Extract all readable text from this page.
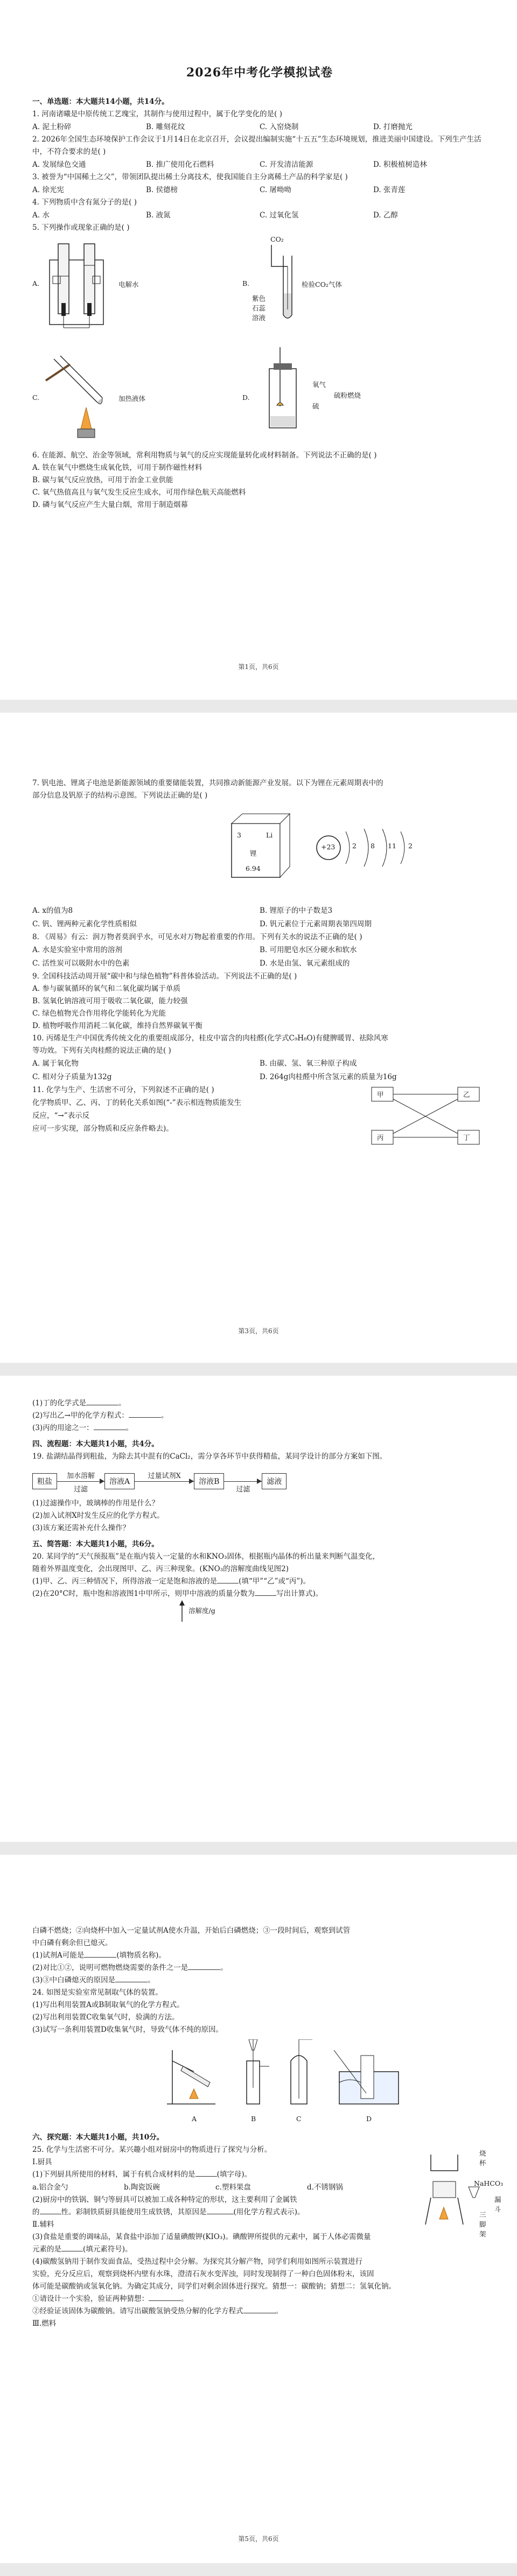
2026年中考化学模拟试卷
一、单选题：本大题共14小题，共14分。

1. 河南诸曦是中原传统工艺瑰宝，其制作与使用过程中，属于化学变化的是( )

A. 泥土粉碎	B. 雕刻花纹	C. 入窑烧制	D. 打磨抛光

2. 2026年全国生态环境保护工作会议于1月14日在北京召开，会议提出编制实施“十五五”生态环境规划，推进美丽中国建设。下列生产生活中，不符合要求的是( )

A. 发展绿色交通	B. 推广使用化石燃料	C. 开发清洁能源	D. 积极植树造林

3. 被誉为“中国稀土之父”，带领团队提出稀土分离技术，使我国能自主分离稀土产品的科学家是( )

A. 徐光宪	B. 侯德榜	C. 屠呦呦	D. 张青莲

4. 下列物质中含有氮分子的是( )

A. 水	B. 液氮	C. 过氧化氢	D. 乙醇

5. 下列操作或现象正确的是( )

A.	电解水	B.
CO₂
紫色
石蕊
溶液
检验CO₂气体
C.	加热液体	D.
氧气
硫
硫粉燃烧

6. 在能源、航空、治金等领域，常利用物质与氧气的反应实现能量转化或材料制备。下列说法不正确的是( )

A. 铁在氧气中燃烧生成氧化铁，可用于制作磁性材料

B. 碳与氧气反应放热，可用于治金工业供能

C. 氧气热值高且与氧气发生反应生成水，可用作绿色航天高能燃料

D. 磷与氧气反应产生大量白烟，常用于制造烟幕

第1页，共6页

7. 钒电池、锂离子电池是新能源领域的重要储能装置，共同推动新能源产业发展。以下为锂在元素周期表中的

部分信息及钒原子的结构示意图。下列说法正确的是( )

3	Li
锂
6.94
+23	2 8 11 2
A. x的值为8	B. 锂原子的中子数是3
C. 钒、锂两种元素化学性质相似	D. 钒元素位于元素周期表第四周期

8. 《周易》有云：润万物者莫润乎水，可见水对万物起着重要的作用。下列有关水的说法不正确的是( )

A. 水是实验室中常用的溶剂	B. 可用肥皂水区分硬水和软水
C. 活性炭可以吸附水中的色素	D. 水是由氢、氧元素组成的

9. 全国科技活动周开展“碳中和与绿色植物”科普体验活动。下列说法不正确的是( )

A. 参与碳氧循环的氧气和二氧化碳均属于单质

B. 氢氧化钠溶液可用于吸收二氧化碳，能力较强

C. 绿色植物光合作用将化学能转化为光能

D. 植物呼吸作用消耗二氧化碳，维持自然界碳氧平衡

10. 丙烯是生产中国优秀传统文化的重要组成部分，桂皮中富含的肉桂醛(化学式C₉H₈O)有健脾暖胃、祛除风寒

等功效。下列有关肉桂醛的说法正确的是( )

A. 属于氧化物	B. 由碳、氢、氧三种原子构成
C. 相对分子质量为132g	D. 264g肉桂醛中所含氢元素的质量为16g

11. 化学与生产、生活密不可分，下列叙述不正确的是( )

化学物质甲、乙、丙、丁的转化关系如图(“-”表示相连物质能发生

反应，“→”表示反

应可一步实现，部分物质和反应条件略去)。

甲	乙
丙	丁
第3页，共6页

(1)丁的化学式是	。

(2)写出乙→甲的化学方程式：	。

(3)丙的用途之一：	。

四、流程题：本大题共1小题，共4分。

19. 盐湖结晶得到粗盐，为除去其中混有的CaCl₂，需分享各环节中获得精盐，某同学设计的部分方案如下图。

粗盐
加水溶解
过滤
溶液A
过量试剂X
溶液B
过滤
滤液

(1)过滤操作中，玻璃棒的作用是什么？

(2)加入试剂X时发生反应的化学方程式。

(3)该方案还需补充什么操作？

五、简答题：本大题共1小题，共6分。

20. 某同学的“天气预报瓶”是在瓶内装入一定量的水和KNO₃固体，根据瓶内晶体的析出量来判断气温变化，

随着外界温度变化，会出现图甲、乙、丙三种现象。(KNO₃的溶解度曲线见图2)

(1)甲、乙、丙三种情况下，所得溶液一定是饱和溶液的是	(填“甲”“乙”或“丙”)。

(2)在20°C时，瓶中饱和溶液图1中甲所示，则甲中溶液的质量分数为	写出计算式)。

溶解度/g

白磷不燃烧；②向烧杯中加入一定量试剂A使水升温，开始后白磷燃烧；③一段时间后，观察到试管

中白磷有剩余但已熄灭。

(1)试剂A可能是	(填物质名称)。

(2)对比①②，说明可燃物燃烧需要的条件之一是	。

(3)③中白磷熄灭的原因是	。

24. 如图是实验室常见制取气体的装置。

(1)写出利用装置A或B制取氧气的化学方程式。

(2)写出利用装置C收集氧气时，验满的方法。

(3)试写一条利用装置D收集氧气时，导致气体不纯的原因。

A	B	C	D
六、探究题：本大题共1小题，共10分。

25. 化学与生活密不可分。某兴趣小组对厨房中的物质进行了探究与分析。

Ⅰ.厨具

(1)下列厨具所使用的材料，属于有机合成材料的是	(填字母)。

a.铝合金勺	b.陶瓷饭碗	c.塑料果盘	d.不锈钢锅

(2)厨房中的铁锅、铜勺等厨具可以被加工成各种特定的形状，这主要利用了金属铁

烧杯
NaHCO₃
三脚架
漏斗

的	性。彩制铁质厨具能使用生成铁锈，其原因是	(用化学方程式表示)。

Ⅱ.辅料

(3)食盐是重要的调味品，某食盐中添加了适量碘酸钾(KIO₃)。碘酸钾所提供的元素中，属于人体必需微量

元素的是	(填元素符号)。

(4)碳酸氢钠用于制作发面食品，受热过程中会分解。为探究其分解产物，同学们利用如图所示装置进行

实验，充分反应后，观察到烧杯内壁有水珠，澄清石灰水变浑浊，同时发现制得了一种白色固体粉末，该固

体可能是碳酸钠或氢氧化钠。为确定其成分，同学们对剩余固体进行探究。猜想一：碳酸钠；猜想二：氢氧化钠。

①请设计一个实验，验证两种猜想：	。

②经验证该固体为碳酸钠。请写出碳酸氢钠受热分解的化学方程式	。

Ⅲ.燃料

第5页，共6页
